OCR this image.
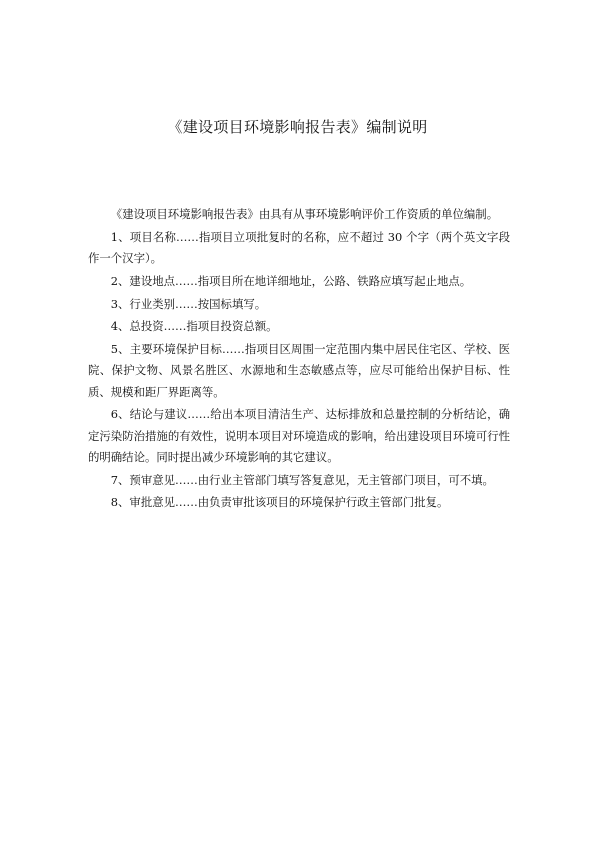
《建设项目环境影响报告表》编制说明

《建设项目环境影响报告表》由具有从事环境影响评价工作资质的单位编制。

1、项目名称……指项目立项批复时的名称，应不超过 30 个字（两个英文字段作一个汉字）。

2、建设地点……指项目所在地详细地址，公路、铁路应填写起止地点。

3、行业类别……按国标填写。

4、总投资……指项目投资总额。

5、主要环境保护目标……指项目区周围一定范围内集中居民住宅区、学校、医院、保护文物、风景名胜区、水源地和生态敏感点等，应尽可能给出保护目标、性质、规模和距厂界距离等。

6、结论与建议……给出本项目清洁生产、达标排放和总量控制的分析结论，确定污染防治措施的有效性，说明本项目对环境造成的影响，给出建设项目环境可行性的明确结论。同时提出减少环境影响的其它建议。

7、预审意见……由行业主管部门填写答复意见，无主管部门项目，可不填。

8、审批意见……由负责审批该项目的环境保护行政主管部门批复。
